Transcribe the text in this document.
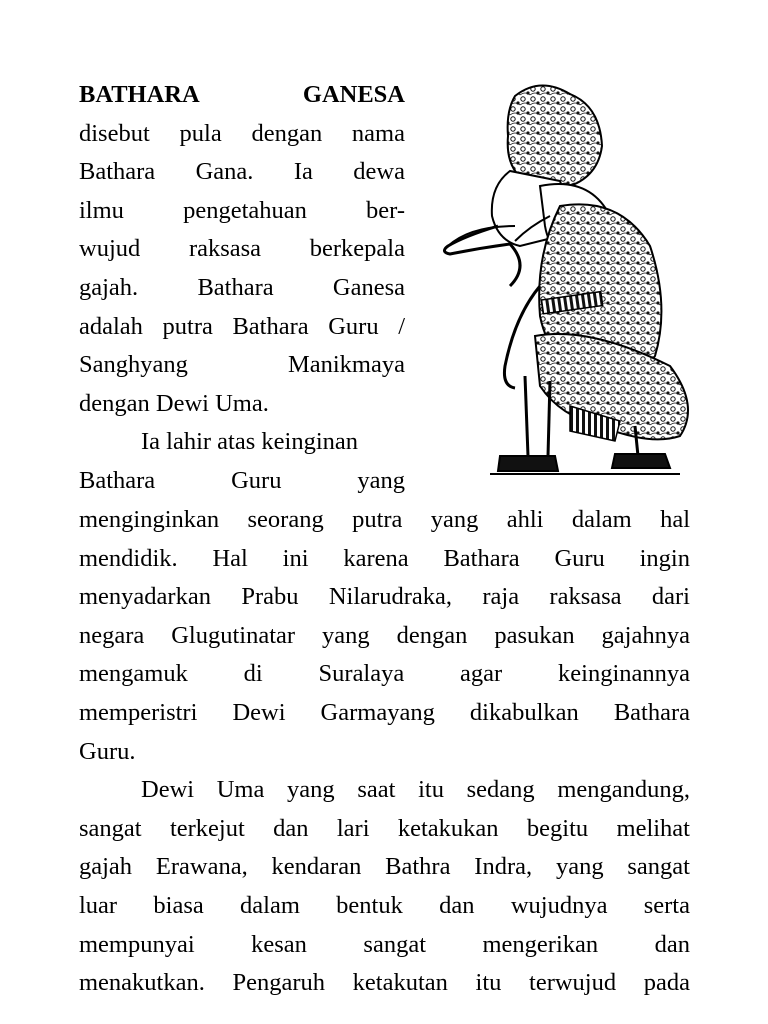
BATHARA GANESA
disebut pula dengan nama
Bathara Gana. Ia dewa
ilmu pengetahuan ber-
wujud raksasa berkepala
gajah. Bathara Ganesa
adalah putra Bathara Guru /
Sanghyang Manikmaya
dengan Dewi Uma.
Ia lahir atas keinginan
Bathara Guru yang
menginginkan seorang putra yang ahli dalam hal
mendidik. Hal ini karena Bathara Guru ingin
menyadarkan Prabu Nilarudraka, raja raksasa dari
negara Glugutinatar yang dengan pasukan gajahnya
mengamuk di Suralaya agar keinginannya
memperistri Dewi Garmayang dikabulkan Bathara
Guru.
Dewi Uma yang saat itu sedang mengandung,
sangat terkejut dan lari ketakukan begitu melihat
gajah Erawana, kendaran Bathra Indra, yang sangat
luar biasa dalam bentuk dan wujudnya serta
mempunyai kesan sangat mengerikan dan
menakutkan. Pengaruh ketakutan itu terwujud pada
